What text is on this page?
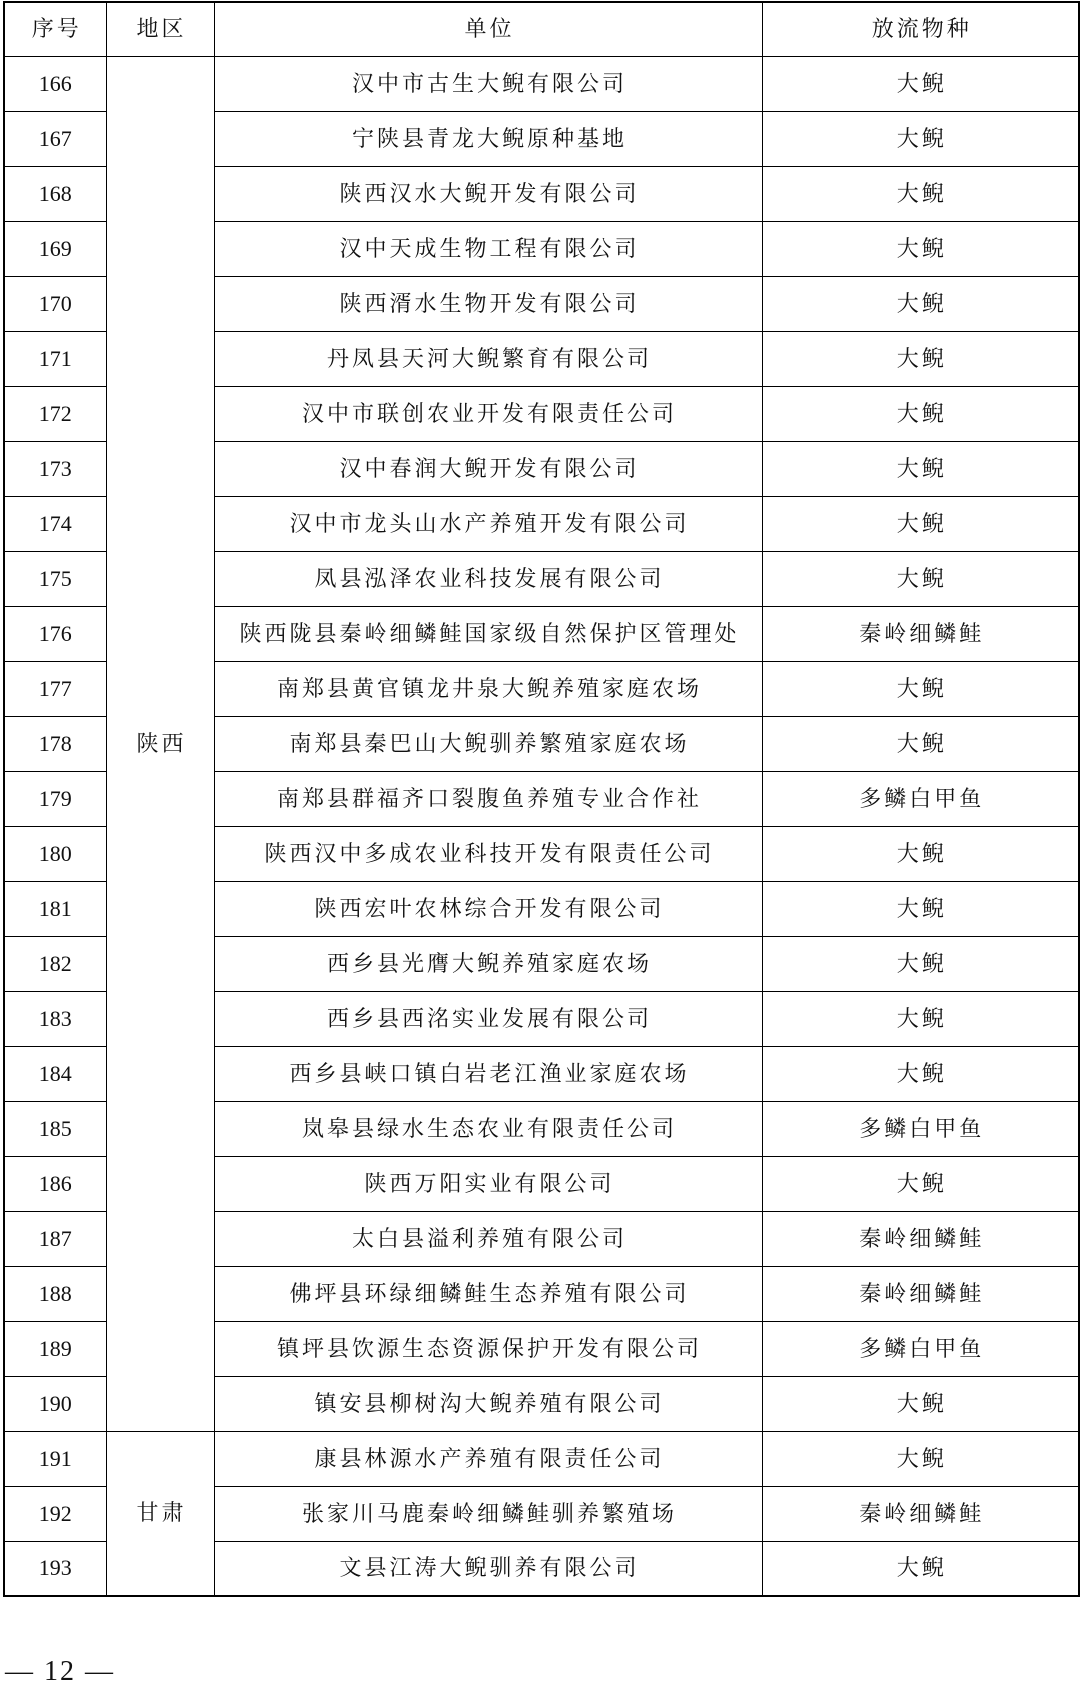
序号	地区	单位	放流物种
166	陕西	汉中市古生大鲵有限公司	大鲵
167		宁陕县青龙大鲵原种基地	大鲵
168		陕西汉水大鲵开发有限公司	大鲵
169		汉中天成生物工程有限公司	大鲵
170		陕西湑水生物开发有限公司	大鲵
171		丹凤县天河大鲵繁育有限公司	大鲵
172		汉中市联创农业开发有限责任公司	大鲵
173		汉中春润大鲵开发有限公司	大鲵
174		汉中市龙头山水产养殖开发有限公司	大鲵
175		凤县泓泽农业科技发展有限公司	大鲵
176		陕西陇县秦岭细鳞鲑国家级自然保护区管理处	秦岭细鳞鲑
177		南郑县黄官镇龙井泉大鲵养殖家庭农场	大鲵
178		南郑县秦巴山大鲵驯养繁殖家庭农场	大鲵
179		南郑县群福齐口裂腹鱼养殖专业合作社	多鳞白甲鱼
180		陕西汉中多成农业科技开发有限责任公司	大鲵
181		陕西宏叶农林综合开发有限公司	大鲵
182		西乡县光膺大鲵养殖家庭农场	大鲵
183		西乡县西洺实业发展有限公司	大鲵
184		西乡县峡口镇白岩老江渔业家庭农场	大鲵
185		岚皋县绿水生态农业有限责任公司	多鳞白甲鱼
186		陕西万阳实业有限公司	大鲵
187		太白县溢利养殖有限公司	秦岭细鳞鲑
188		佛坪县环绿细鳞鲑生态养殖有限公司	秦岭细鳞鲑
189		镇坪县饮源生态资源保护开发有限公司	多鳞白甲鱼
190		镇安县柳树沟大鲵养殖有限公司	大鲵
191	甘肃	康县林源水产养殖有限责任公司	大鲵
192		张家川马鹿秦岭细鳞鲑驯养繁殖场	秦岭细鳞鲑
193		文县江涛大鲵驯养有限公司	大鲵
— 12 —
